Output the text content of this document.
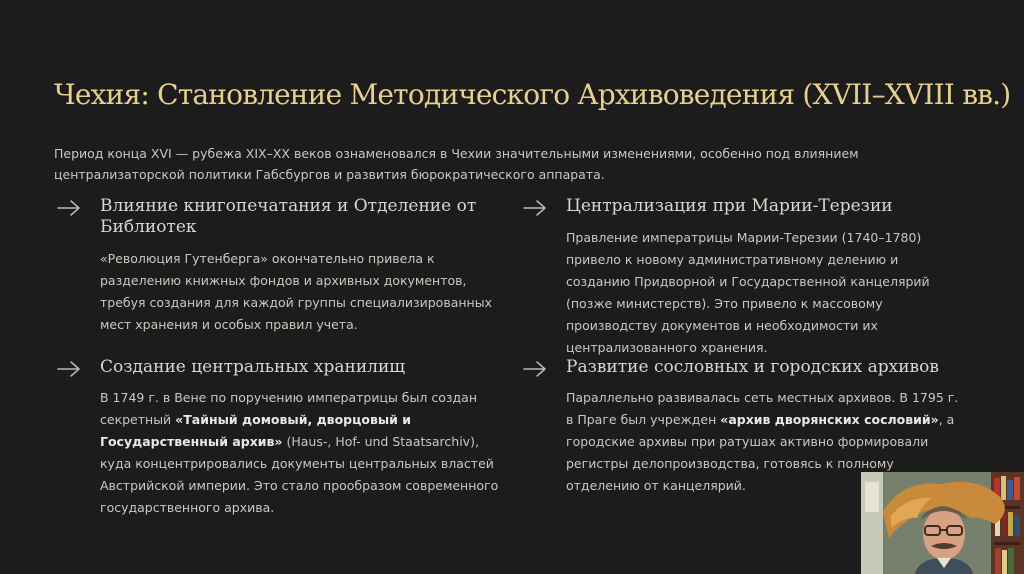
Чехия: Становление Методического Архивоведения (XVII–XVIII вв.)

Период конца XVI — рубежа XIX–XX веков ознаменовался в Чехии значительными изменениями, особенно под влиянием централизаторской политики Габсбургов и развития бюрократического аппарата.

Влияние книгопечатания и Отделение от Библиотек

«Революция Гутенберга» окончательно привела к разделению книжных фондов и архивных документов, требуя создания для каждой группы специализированных мест хранения и особых правил учета.

Централизация при Марии-Терезии

Правление императрицы Марии-Терезии (1740–1780) привело к новому административному делению и созданию Придворной и Государственной канцелярий (позже министерств). Это привело к массовому производству документов и необходимости их централизованного хранения.

Создание центральных хранилищ

В 1749 г. в Вене по поручению императрицы был создан секретный «Тайный домовый, дворцовый и Государственный архив» (Haus-, Hof- und Staatsarchiv), куда концентрировались документы центральных властей Австрийской империи. Это стало прообразом современного государственного архива.

Развитие сословных и городских архивов

Параллельно развивалась сеть местных архивов. В 1795 г. в Праге был учрежден «архив дворянских сословий», а городские архивы при ратушах активно формировали регистры делопроизводства, готовясь к полному отделению от канцелярий.
